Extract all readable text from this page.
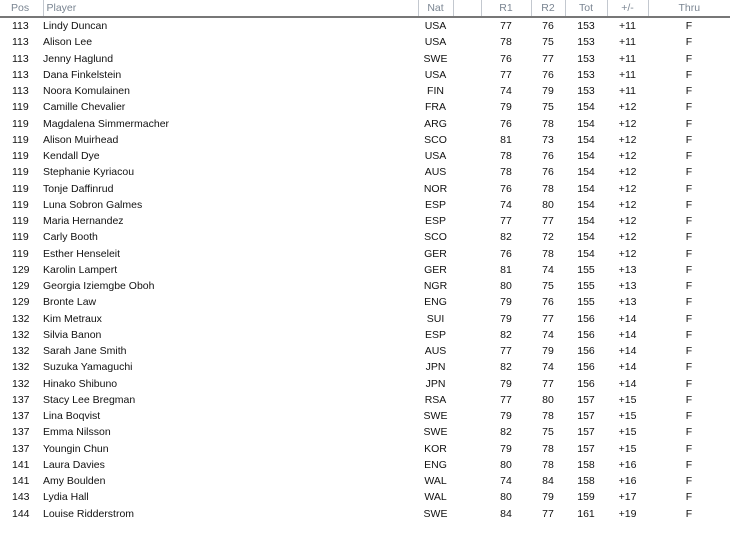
Pos	Player	Nat		R1	R2	Tot	+/-	Thru
113	Lindy Duncan	USA		77	76	153	+11	F
113	Alison Lee	USA		78	75	153	+11	F
113	Jenny Haglund	SWE		76	77	153	+11	F
113	Dana Finkelstein	USA		77	76	153	+11	F
113	Noora Komulainen	FIN		74	79	153	+11	F
119	Camille Chevalier	FRA		79	75	154	+12	F
119	Magdalena Simmermacher	ARG		76	78	154	+12	F
119	Alison Muirhead	SCO		81	73	154	+12	F
119	Kendall Dye	USA		78	76	154	+12	F
119	Stephanie Kyriacou	AUS		78	76	154	+12	F
119	Tonje Daffinrud	NOR		76	78	154	+12	F
119	Luna Sobron Galmes	ESP		74	80	154	+12	F
119	Maria Hernandez	ESP		77	77	154	+12	F
119	Carly Booth	SCO		82	72	154	+12	F
119	Esther Henseleit	GER		76	78	154	+12	F
129	Karolin Lampert	GER		81	74	155	+13	F
129	Georgia Iziemgbe Oboh	NGR		80	75	155	+13	F
129	Bronte Law	ENG		79	76	155	+13	F
132	Kim Metraux	SUI		79	77	156	+14	F
132	Silvia Banon	ESP		82	74	156	+14	F
132	Sarah Jane Smith	AUS		77	79	156	+14	F
132	Suzuka Yamaguchi	JPN		82	74	156	+14	F
132	Hinako Shibuno	JPN		79	77	156	+14	F
137	Stacy Lee Bregman	RSA		77	80	157	+15	F
137	Lina Boqvist	SWE		79	78	157	+15	F
137	Emma Nilsson	SWE		82	75	157	+15	F
137	Youngin Chun	KOR		79	78	157	+15	F
141	Laura Davies	ENG		80	78	158	+16	F
141	Amy Boulden	WAL		74	84	158	+16	F
143	Lydia Hall	WAL		80	79	159	+17	F
144	Louise Ridderstrom	SWE		84	77	161	+19	F
